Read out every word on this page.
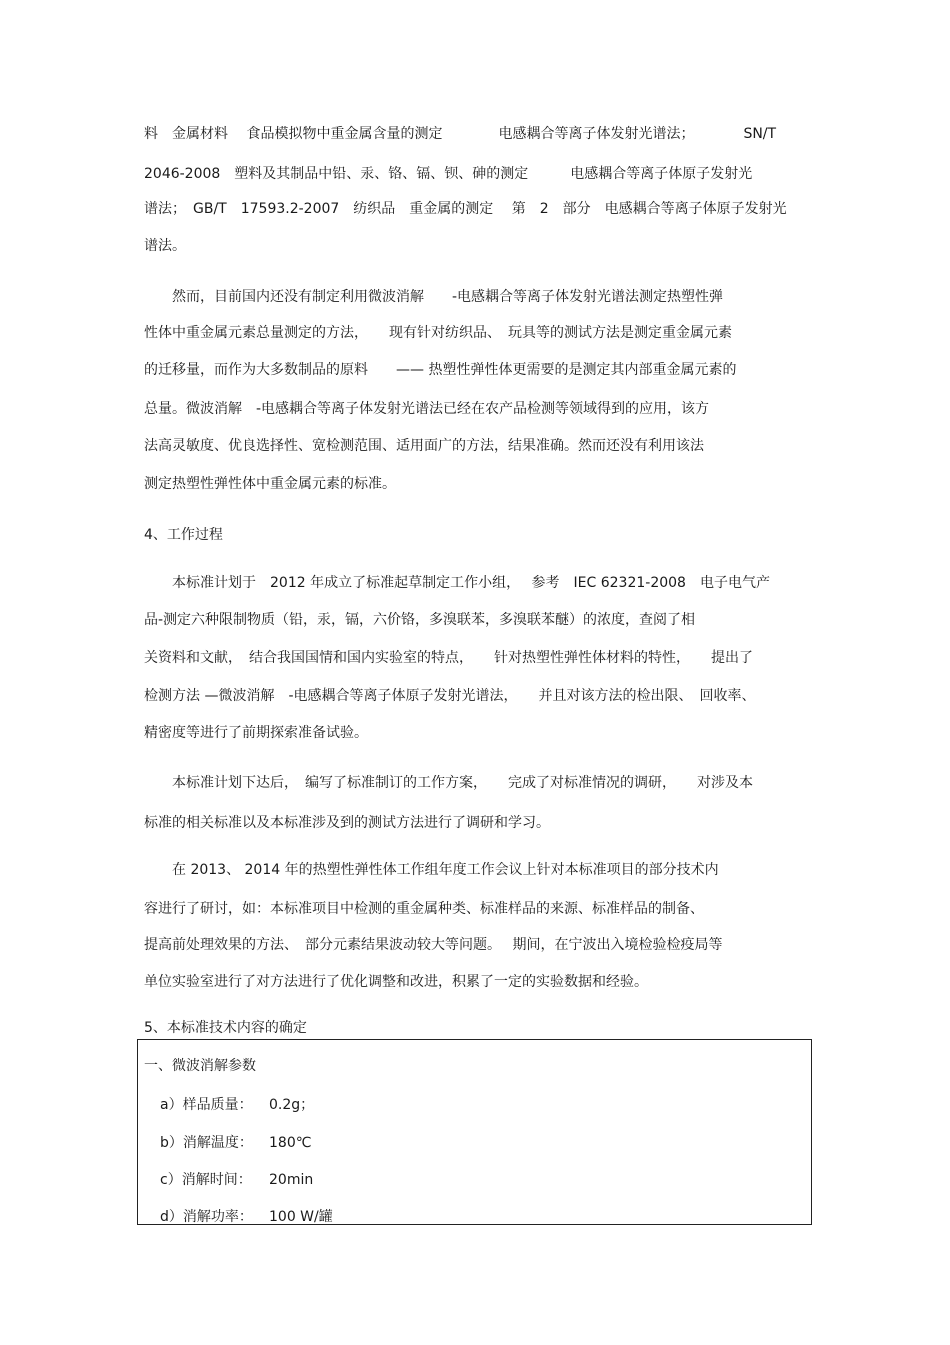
料　金属材料　 食品模拟物中重金属含量的测定　　　　电感耦合等离子体发射光谱法；　　　　SN/T
2046-2008　塑料及其制品中铅、汞、铬、镉、钡、砷的测定　　　电感耦合等离子体原子发射光
谱法；　GB/T　17593.2-2007　纺织品　重金属的测定　 第　2　部分　电感耦合等离子体原子发射光
谱法。
　　然而，目前国内还没有制定利用微波消解　　-电感耦合等离子体发射光谱法测定热塑性弹
性体中重金属元素总量测定的方法，　　现有针对纺织品、　玩具等的测试方法是测定重金属元素
的迁移量，而作为大多数制品的原料　　—— 热塑性弹性体更需要的是测定其内部重金属元素的
总量。微波消解　-电感耦合等离子体发射光谱法已经在农产品检测等领域得到的应用，该方
法高灵敏度、优良选择性、宽检测范围、适用面广的方法，结果准确。然而还没有利用该法
测定热塑性弹性体中重金属元素的标准。
4、工作过程
　　本标准计划于　2012 年成立了标准起草制定工作小组，　 参考　IEC 62321-2008　电子电气产
品-测定六种限制物质（铅，汞，镉，六价铬，多溴联苯，多溴联苯醚）的浓度，查阅了相
关资料和文献，　结合我国国情和国内实验室的特点，　　针对热塑性弹性体材料的特性，　　提出了
检测方法 —微波消解　-电感耦合等离子体原子发射光谱法，　　并且对该方法的检出限、　回收率、
精密度等进行了前期探索准备试验。
　　本标准计划下达后，　编写了标准制订的工作方案，　　完成了对标准情况的调研，　　对涉及本
标准的相关标准以及本标准涉及到的测试方法进行了调研和学习。
　　在 2013、 2014 年的热塑性弹性体工作组年度工作会议上针对本标准项目的部分技术内
容进行了研讨，如：本标准项目中检测的重金属种类、标准样品的来源、标准样品的制备、
提高前处理效果的方法、　部分元素结果波动较大等问题。　 期间，在宁波出入境检验检疫局等
单位实验室进行了对方法进行了优化调整和改进，积累了一定的实验数据和经验。
5、本标准技术内容的确定
一、微波消解参数
a）样品质量： 0.2g；
b）消解温度： 180℃
c）消解时间： 20min
d）消解功率： 100 W/罐
